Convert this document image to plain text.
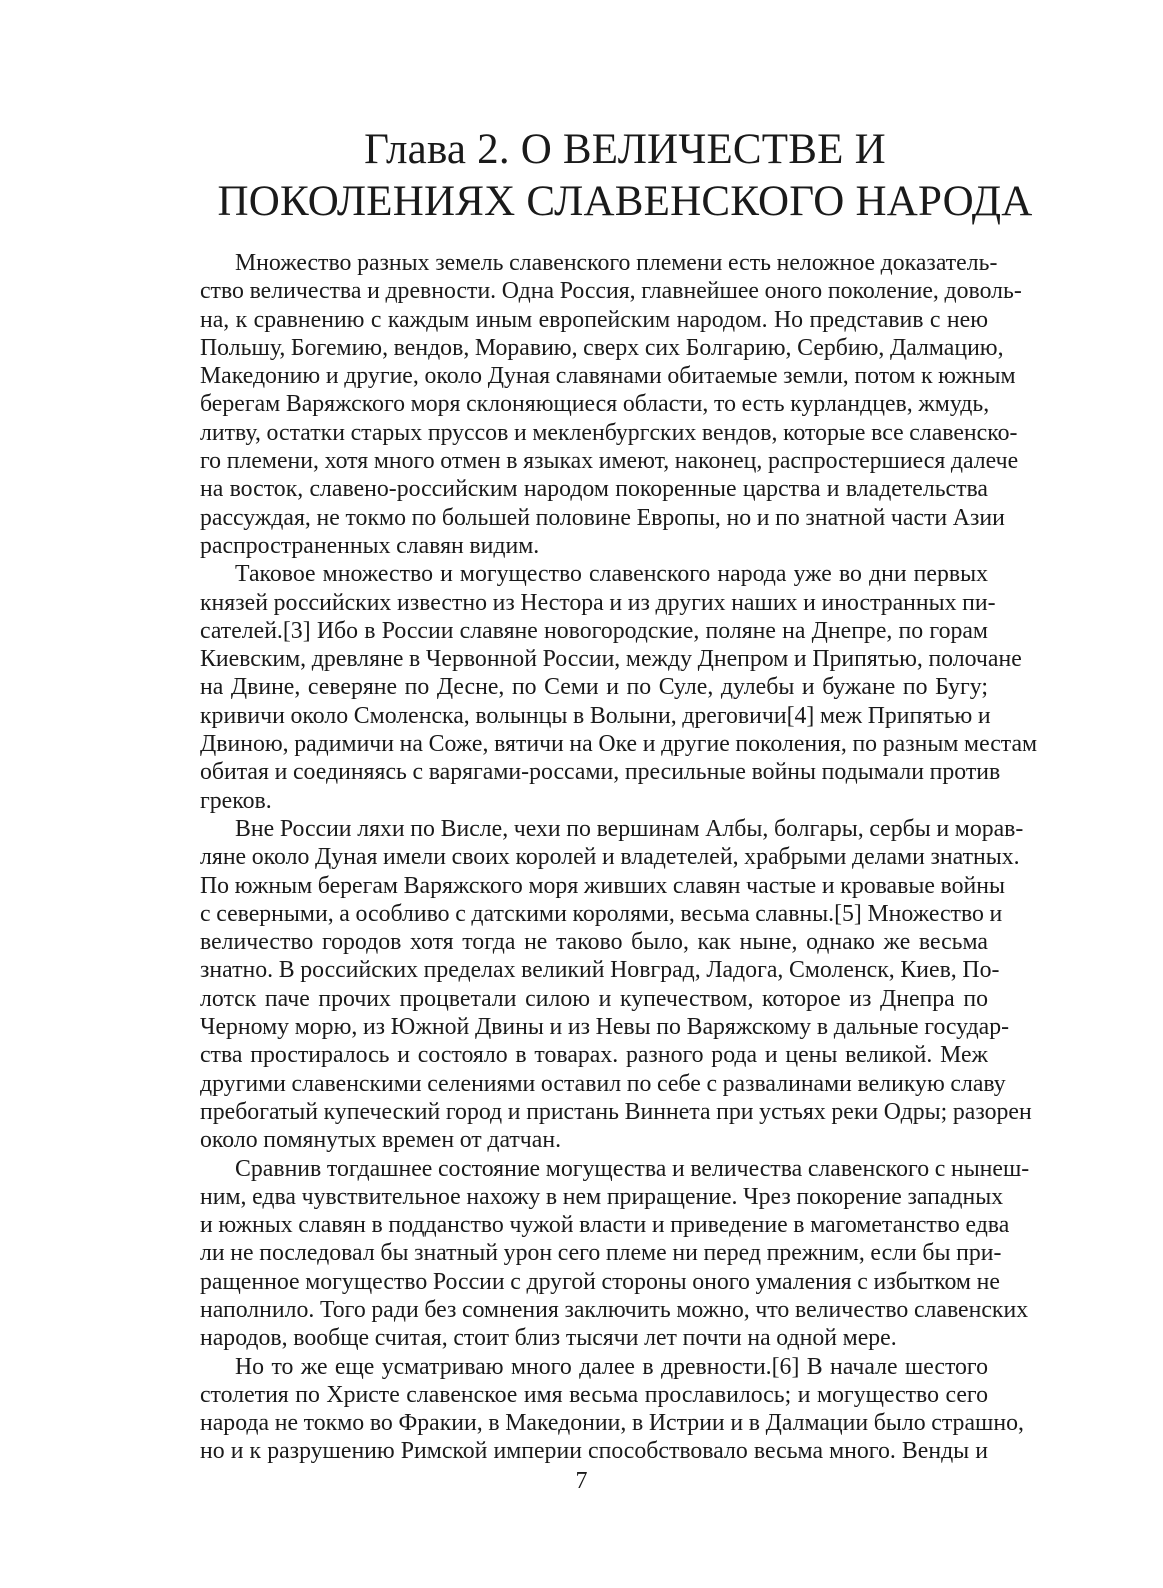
Глава 2. О ВЕЛИЧЕСТВЕ И
ПОКОЛЕНИЯХ СЛАВЕНСКОГО НАРОДА

Множество разных земель славенского племени есть неложное доказатель-
ство величества и древности. Одна Россия, главнейшее оного поколение, доволь-
на, к сравнению с каждым иным европейским народом. Но представив с нею
Польшу, Богемию, вендов, Моравию, сверх сих Болгарию, Сербию, Далмацию,
Македонию и другие, около Дуная славянами обитаемые земли, потом к южным
берегам Варяжского моря склоняющиеся области, то есть курландцев, жмудь,
литву, остатки старых пруссов и мекленбургских вендов, которые все славенско-
го племени, хотя много отмен в языках имеют, наконец, распростершиеся далече
на восток, славено-российским народом покоренные царства и владетельства
рассуждая, не токмо по большей половине Европы, но и по знатной части Азии
распространенных славян видим.

Таковое множество и могущество славенского народа уже во дни первых
князей российских известно из Нестора и из других наших и иностранных пи-
сателей.[3] Ибо в России славяне новогородские, поляне на Днепре, по горам
Киевским, древляне в Червонной России, между Днепром и Припятью, полочане
на Двине, северяне по Десне, по Семи и по Суле, дулебы и бужане по Бугу;
кривичи около Смоленска, волынцы в Волыни, дреговичи[4] меж Припятью и
Двиною, радимичи на Соже, вятичи на Оке и другие поколения, по разным местам
обитая и соединяясь с варягами-россами, пресильные войны подымали против
греков.

Вне России ляхи по Висле, чехи по вершинам Албы, болгары, сербы и морав-
ляне около Дуная имели своих королей и владетелей, храбрыми делами знатных.
По южным берегам Варяжского моря живших славян частые и кровавые войны
с северными, а особливо с датскими королями, весьма славны.[5] Множество и
величество городов хотя тогда не таково было, как ныне, однако же весьма
знатно. В российских пределах великий Новград, Ладога, Смоленск, Киев, По-
лотск паче прочих процветали силою и купечеством, которое из Днепра по
Черному морю, из Южной Двины и из Невы по Варяжскому в дальные государ-
ства простиралось и состояло в товарах. разного рода и цены великой. Меж
другими славенскими селениями оставил по себе с развалинами великую славу
пребогатый купеческий город и пристань Виннета при устьях реки Одры; разорен
около помянутых времен от датчан.

Сравнив тогдашнее состояние могущества и величества славенского с нынеш-
ним, едва чувствительное нахожу в нем приращение. Чрез покорение западных
и южных славян в подданство чужой власти и приведение в магометанство едва
ли не последовал бы знатный урон сего племе ни перед прежним, если бы при-
ращенное могущество России с другой стороны оного умаления с избытком не
наполнило. Того ради без сомнения заключить можно, что величество славенских
народов, вообще считая, стоит близ тысячи лет почти на одной мере.

Но то же еще усматриваю много далее в древности.[6] В начале шестого
столетия по Христе славенское имя весьма прославилось; и могущество сего
народа не токмо во Фракии, в Македонии, в Истрии и в Далмации было страшно,
но и к разрушению Римской империи способствовало весьма много. Венды и

7
